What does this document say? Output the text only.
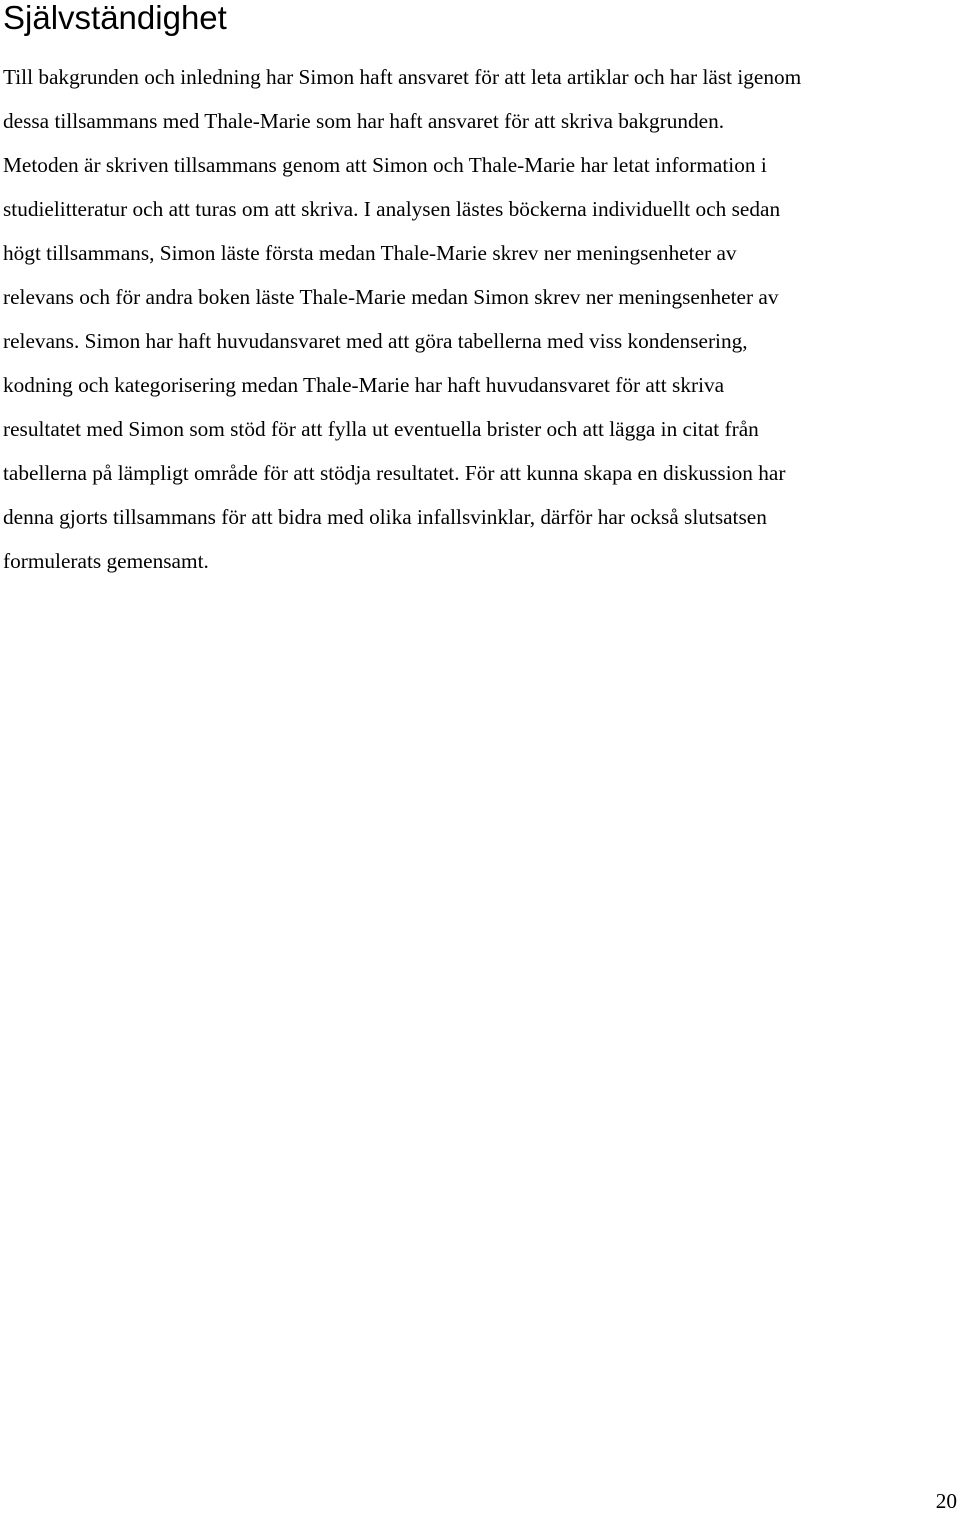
Självständighet
Till bakgrunden och inledning har Simon haft ansvaret för att leta artiklar och har läst igenom
dessa tillsammans med Thale-Marie som har haft ansvaret för att skriva bakgrunden.
Metoden är skriven tillsammans genom att Simon och Thale-Marie har letat information i
studielitteratur och att turas om att skriva. I analysen lästes böckerna individuellt och sedan
högt tillsammans, Simon läste första medan Thale-Marie skrev ner meningsenheter av
relevans och för andra boken läste Thale-Marie medan Simon skrev ner meningsenheter av
relevans. Simon har haft huvudansvaret med att göra tabellerna med viss kondensering,
kodning och kategorisering medan Thale-Marie har haft huvudansvaret för att skriva
resultatet med Simon som stöd för att fylla ut eventuella brister och att lägga in citat från
tabellerna på lämpligt område för att stödja resultatet. För att kunna skapa en diskussion har
denna gjorts tillsammans för att bidra med olika infallsvinklar, därför har också slutsatsen
formulerats gemensamt.

20
